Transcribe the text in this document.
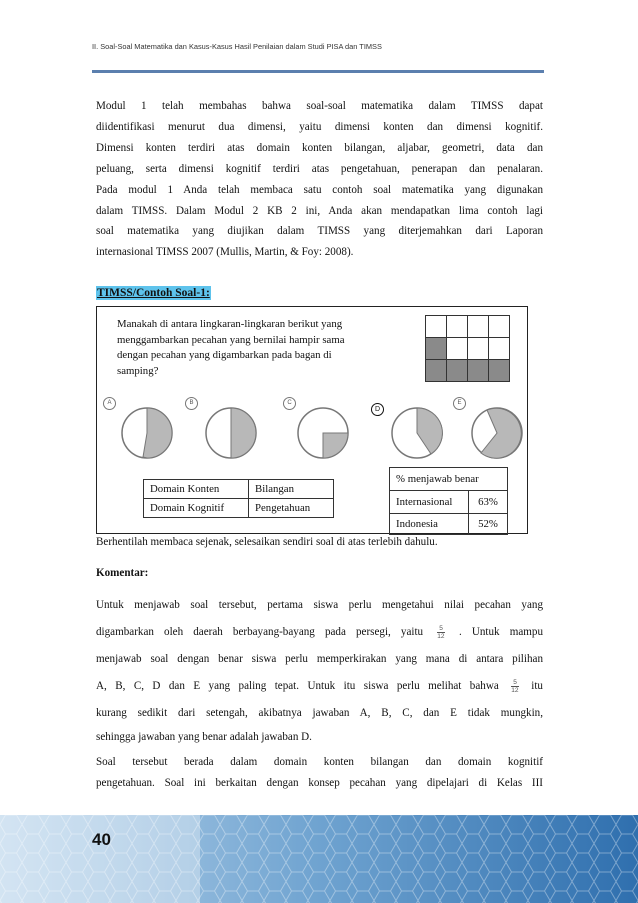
II. Soal-Soal Matematika dan Kasus-Kasus Hasil Penilaian dalam Studi PISA dan TIMSS
Modul 1 telah membahas bahwa soal-soal matematika dalam TIMSS dapat
diidentifikasi menurut dua dimensi, yaitu dimensi konten dan dimensi kognitif.
Dimensi konten terdiri atas domain konten bilangan, aljabar, geometri, data dan
peluang, serta dimensi kognitif terdiri atas pengetahuan, penerapan dan penalaran.
Pada modul 1 Anda telah membaca satu contoh soal matematika yang digunakan
dalam TIMSS. Dalam Modul 2 KB 2 ini, Anda akan mendapatkan lima contoh lagi
soal matematika yang diujikan dalam TIMSS yang diterjemahkan dari Laporan
internasional TIMSS 2007 (Mullis, Martin, & Foy: 2008).
TIMSS/Contoh Soal-1:
Manakah di antara lingkaran-lingkaran berikut yang
menggambarkan pecahan yang bernilai hampir sama
dengan pecahan yang digambarkan pada bagan di
samping?

A	B	C
D
E
Domain Konten	Bilangan
Domain Kognitif	Pengetahuan
% menjawab benar	
Internasional	63%
Indonesia	52%
Berhentilah membaca sejenak, selesaikan sendiri soal di atas terlebih dahulu.
Komentar:
Untuk menjawab soal tersebut, pertama siswa perlu mengetahui nilai pecahan yang
digambarkan oleh daerah berbayang-bayang pada persegi, yaitu $\frac{5}{12}$ . Untuk mampu
menjawab soal dengan benar siswa perlu memperkirakan yang mana di antara pilihan
A, B, C, D dan E yang paling tepat. Untuk itu siswa perlu melihat bahwa $\frac{5}{12}$ itu
kurang sedikit dari setengah, akibatnya jawaban A, B, C, dan E tidak mungkin,
sehingga jawaban yang benar adalah jawaban D.
Soal tersebut berada dalam domain konten bilangan dan domain kognitif
pengetahuan. Soal ini berkaitan dengan konsep pecahan yang dipelajari di Kelas III
40
